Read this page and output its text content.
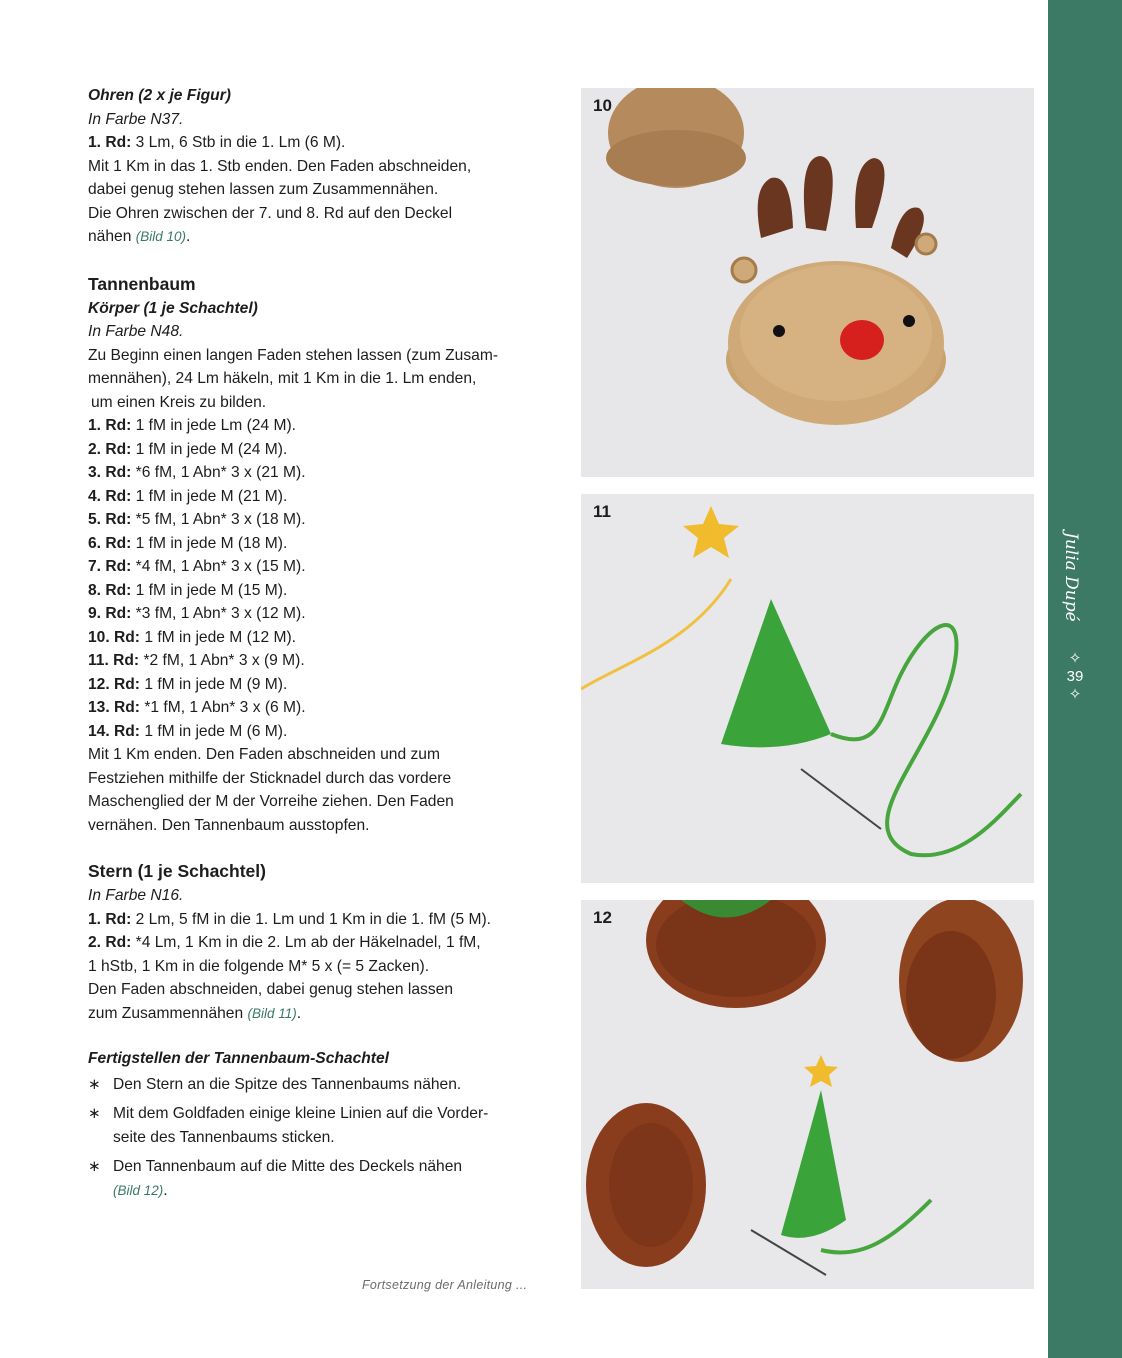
Ohren (2 x je Figur)

In Farbe N37.

1. Rd: 3 Lm, 6 Stb in die 1. Lm (6 M).

Mit 1 Km in das 1. Stb enden. Den Faden abschneiden,

dabei genug stehen lassen zum Zusammennähen.

Die Ohren zwischen der 7. und 8. Rd auf den Deckel

nähen (Bild 10).

Tannenbaum

Körper (1 je Schachtel)

In Farbe N48.

Zu Beginn einen langen Faden stehen lassen (zum Zusam-

mennähen), 24 Lm häkeln, mit 1 Km in die 1. Lm enden,

um einen Kreis zu bilden.

1. Rd: 1 fM in jede Lm (24 M).

2. Rd: 1 fM in jede M (24 M).

3. Rd: *6 fM, 1 Abn* 3 x (21 M).

4. Rd: 1 fM in jede M (21 M).

5. Rd: *5 fM, 1 Abn* 3 x (18 M).

6. Rd: 1 fM in jede M (18 M).

7. Rd: *4 fM, 1 Abn* 3 x (15 M).

8. Rd: 1 fM in jede M (15 M).

9. Rd: *3 fM, 1 Abn* 3 x (12 M).

10. Rd: 1 fM in jede M (12 M).

11. Rd: *2 fM, 1 Abn* 3 x (9 M).

12. Rd: 1 fM in jede M (9 M).

13. Rd: *1 fM, 1 Abn* 3 x (6 M).

14. Rd: 1 fM in jede M (6 M).

Mit 1 Km enden. Den Faden abschneiden und zum

Festziehen mithilfe der Sticknadel durch das vordere

Maschenglied der M der Vorreihe ziehen. Den Faden

vernähen. Den Tannenbaum ausstopfen.

Stern (1 je Schachtel)

In Farbe N16.

1. Rd: 2 Lm, 5 fM in die 1. Lm und 1 Km in die 1. fM (5 M).

2. Rd: *4 Lm, 1 Km in die 2. Lm ab der Häkelnadel, 1 fM,

1 hStb, 1 Km in die folgende M* 5 x (= 5 Zacken).

Den Faden abschneiden, dabei genug stehen lassen

zum Zusammennähen (Bild 11).

Fertigstellen der Tannenbaum-Schachtel

∗ Den Stern an die Spitze des Tannenbaums nähen.
∗ Mit dem Goldfaden einige kleine Linien auf die Vorder-
seite des Tannenbaums sticken.
∗ Den Tannenbaum auf die Mitte des Deckels nähen
(Bild 12).
Fortsetzung der Anleitung ...
10
11
12
Julia Dupé
✧
39
✧
